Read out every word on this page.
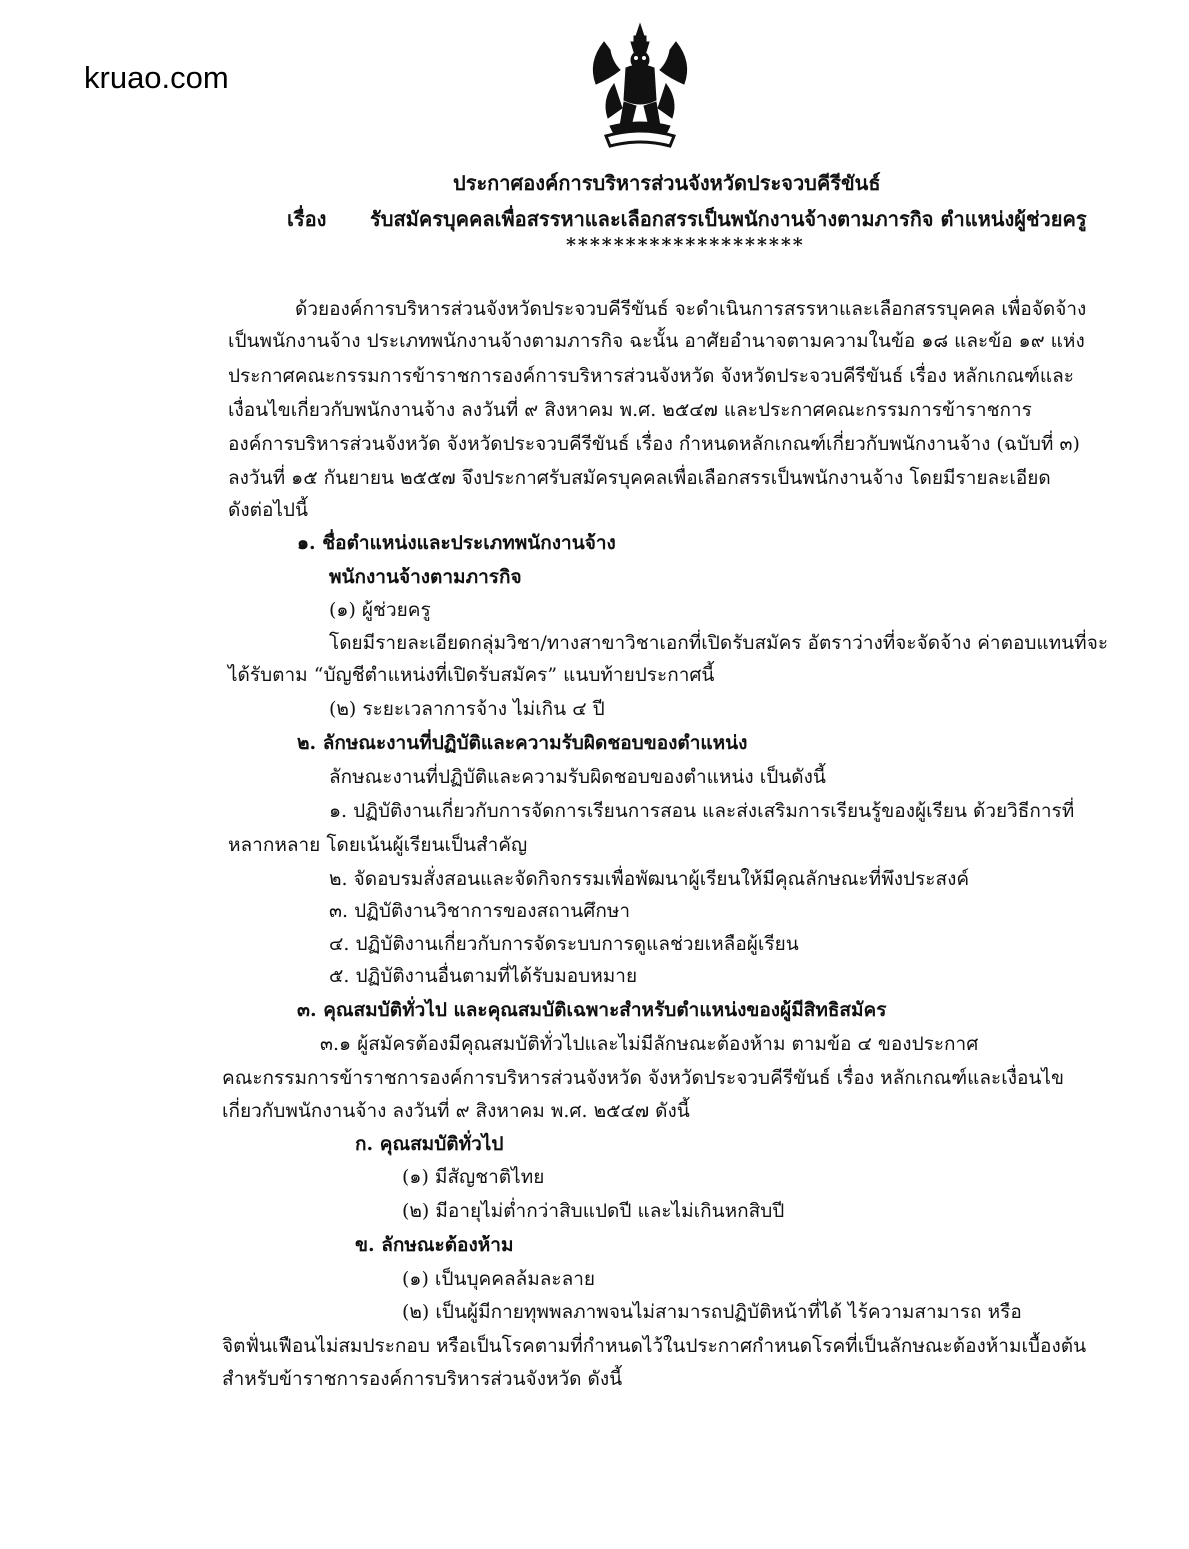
kruao.com
ประกาศองค์การบริหารส่วนจังหวัดประจวบคีรีขันธ์
เรื่อง รับสมัครบุคคลเพื่อสรรหาและเลือกสรรเป็นพนักงานจ้างตามภารกิจ ตำแหน่งผู้ช่วยครู
********************
ด้วยองค์การบริหารส่วนจังหวัดประจวบคีรีขันธ์ จะดำเนินการสรรหาและเลือกสรรบุคคล เพื่อจัดจ้าง
เป็นพนักงานจ้าง ประเภทพนักงานจ้างตามภารกิจ ฉะนั้น อาศัยอำนาจตามความในข้อ ๑๘ และข้อ ๑๙ แห่ง
ประกาศคณะกรรมการข้าราชการองค์การบริหารส่วนจังหวัด จังหวัดประจวบคีรีขันธ์ เรื่อง หลักเกณฑ์และ
เงื่อนไขเกี่ยวกับพนักงานจ้าง ลงวันที่ ๙ สิงหาคม พ.ศ. ๒๕๔๗ และประกาศคณะกรรมการข้าราชการ
องค์การบริหารส่วนจังหวัด จังหวัดประจวบคีรีขันธ์ เรื่อง กำหนดหลักเกณฑ์เกี่ยวกับพนักงานจ้าง (ฉบับที่ ๓)
ลงวันที่ ๑๕ กันยายน ๒๕๕๗ จึงประกาศรับสมัครบุคคลเพื่อเลือกสรรเป็นพนักงานจ้าง โดยมีรายละเอียด
ดังต่อไปนี้
๑. ชื่อตำแหน่งและประเภทพนักงานจ้าง
พนักงานจ้างตามภารกิจ
(๑) ผู้ช่วยครู
โดยมีรายละเอียดกลุ่มวิชา/ทางสาขาวิชาเอกที่เปิดรับสมัคร อัตราว่างที่จะจัดจ้าง ค่าตอบแทนที่จะ
ได้รับตาม “บัญชีตำแหน่งที่เปิดรับสมัคร” แนบท้ายประกาศนี้
(๒) ระยะเวลาการจ้าง ไม่เกิน ๔ ปี
๒. ลักษณะงานที่ปฏิบัติและความรับผิดชอบของตำแหน่ง
ลักษณะงานที่ปฏิบัติและความรับผิดชอบของตำแหน่ง เป็นดังนี้
๑. ปฏิบัติงานเกี่ยวกับการจัดการเรียนการสอน และส่งเสริมการเรียนรู้ของผู้เรียน ด้วยวิธีการที่
หลากหลาย โดยเน้นผู้เรียนเป็นสำคัญ
๒. จัดอบรมสั่งสอนและจัดกิจกรรมเพื่อพัฒนาผู้เรียนให้มีคุณลักษณะที่พึงประสงค์
๓. ปฏิบัติงานวิชาการของสถานศึกษา
๔. ปฏิบัติงานเกี่ยวกับการจัดระบบการดูแลช่วยเหลือผู้เรียน
๕. ปฏิบัติงานอื่นตามที่ได้รับมอบหมาย
๓. คุณสมบัติทั่วไป และคุณสมบัติเฉพาะสำหรับตำแหน่งของผู้มีสิทธิสมัคร
๓.๑ ผู้สมัครต้องมีคุณสมบัติทั่วไปและไม่มีลักษณะต้องห้าม ตามข้อ ๔ ของประกาศ
คณะกรรมการข้าราชการองค์การบริหารส่วนจังหวัด จังหวัดประจวบคีรีขันธ์ เรื่อง หลักเกณฑ์และเงื่อนไข
เกี่ยวกับพนักงานจ้าง ลงวันที่ ๙ สิงหาคม พ.ศ. ๒๕๔๗ ดังนี้
ก. คุณสมบัติทั่วไป
(๑) มีสัญชาติไทย
(๒) มีอายุไม่ต่ำกว่าสิบแปดปี และไม่เกินหกสิบปี
ข. ลักษณะต้องห้าม
(๑) เป็นบุคคลล้มละลาย
(๒) เป็นผู้มีกายทุพพลภาพจนไม่สามารถปฏิบัติหน้าที่ได้ ไร้ความสามารถ หรือ
จิตฟั่นเฟือนไม่สมประกอบ หรือเป็นโรคตามที่กำหนดไว้ในประกาศกำหนดโรคที่เป็นลักษณะต้องห้ามเบื้องต้น
สำหรับข้าราชการองค์การบริหารส่วนจังหวัด ดังนี้
